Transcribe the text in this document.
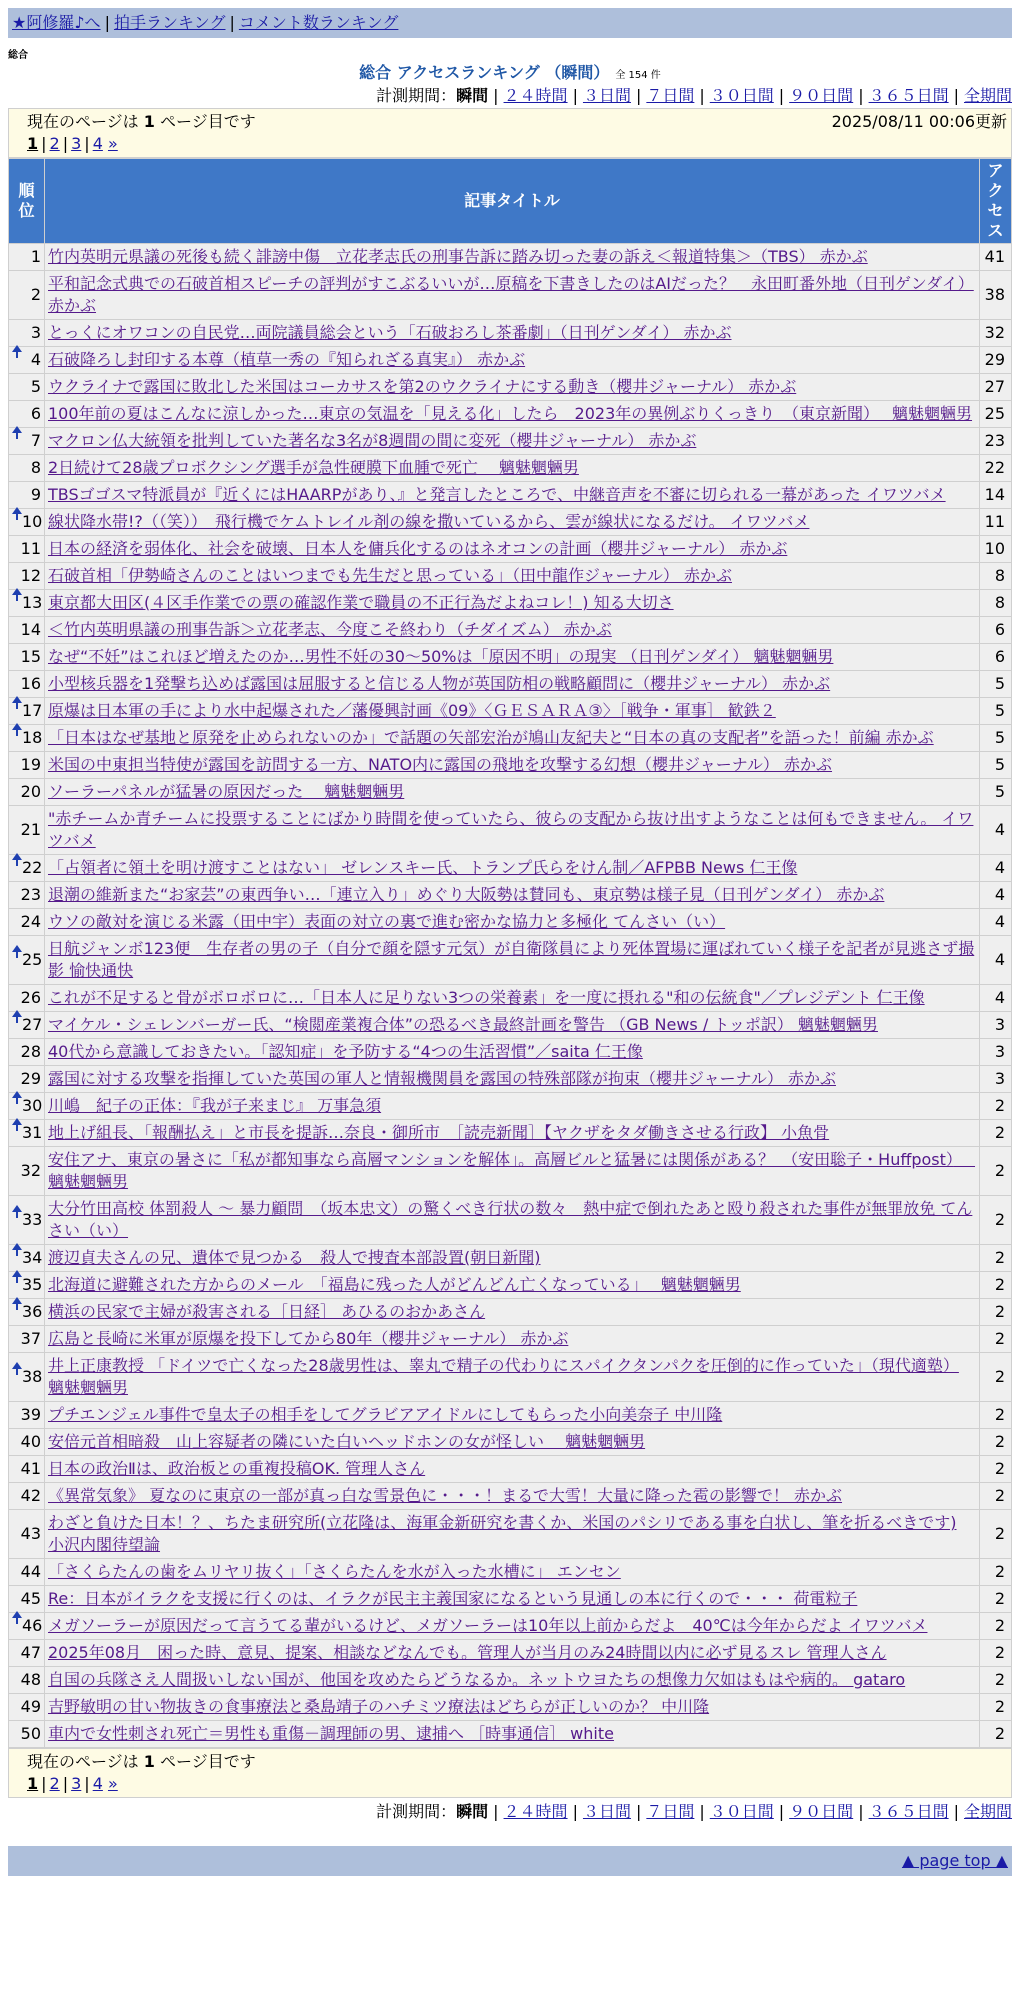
★阿修羅♪へ | 拍手ランキング | コメント数ランキング
総合
総合 アクセスランキング （瞬間） 全 154 件
計測期間：瞬間 | ２４時間 | ３日間 | ７日間 | ３０日間 | ９０日間 | ３６５日間 | 全期間
現在のページは 1 ページ目です	2025/08/11 00:06更新
1 | 2 | 3 | 4 »
順位	記事タイトル	アクセス
1	竹内英明元県議の死後も続く誹謗中傷　立花孝志氏の刑事告訴に踏み切った妻の訴え＜報道特集＞（TBS） 赤かぶ	41
2	平和記念式典での石破首相スピーチの評判がすこぶるいいが…原稿を下書きしたのはAIだった？　永田町番外地（日刊ゲンダイ） 赤かぶ	38
3	とっくにオワコンの自民党…両院議員総会という「石破おろし茶番劇」（日刊ゲンダイ） 赤かぶ	32

4	石破降ろし封印する本尊（植草一秀の『知られざる真実』） 赤かぶ	29
5	ウクライナで露国に敗北した米国はコーカサスを第2のウクライナにする動き（櫻井ジャーナル） 赤かぶ	27
6	100年前の夏はこんなに涼しかった…東京の気温を「見える化」したら　2023年の異例ぶりくっきり　（東京新聞）　 魑魅魍魎男	25

7	マクロン仏大統領を批判していた著名な3名が8週間の間に変死（櫻井ジャーナル） 赤かぶ	23
8	2日続けて28歳プロボクシング選手が急性硬膜下血腫で死亡　 魑魅魍魎男	22
9	TBSゴゴスマ特派員が『近くにはHAARPがあり、』と発言したところで、中継音声を不審に切られる一幕があった イワツバメ	14

10	線状降水帯!?（（笑））　飛行機でケムトレイル剤の線を撒いているから、雲が線状になるだけ。 イワツバメ	11
11	日本の経済を弱体化、社会を破壊、日本人を傭兵化するのはネオコンの計画（櫻井ジャーナル） 赤かぶ	10
12	石破首相「伊勢崎さんのことはいつまでも先生だと思っている」（田中龍作ジャーナル） 赤かぶ	8

13	東京都大田区(４区手作業での票の確認作業で職員の不正行為だよねコレ！) 知る大切さ	8
14	＜竹内英明県議の刑事告訴＞立花孝志、今度こそ終わり（チダイズム） 赤かぶ	6
15	なぜ“不妊”はこれほど増えたのか…男性不妊の30～50%は「原因不明」の現実 （日刊ゲンダイ） 魑魅魍魎男	6
16	小型核兵器を1発撃ち込めば露国は屈服すると信じる人物が英国防相の戦略顧問に（櫻井ジャーナル） 赤かぶ	5

17	原爆は日本軍の手により水中起爆された／藩優興討画《09》〈ＧＥＳＡＲＡ③〉［戦争・軍事］ 歓鉄２	5

18	「日本はなぜ基地と原発を止められないのか」で話題の矢部宏治が鳩山友紀夫と“日本の真の支配者”を語った！前編 赤かぶ	5
19	米国の中東担当特使が露国を訪問する一方、NATO内に露国の飛地を攻撃する幻想（櫻井ジャーナル） 赤かぶ	5
20	ソーラーパネルが猛暑の原因だった　 魑魅魍魎男	5
21	"赤チームか青チームに投票することにばかり時間を使っていたら、彼らの支配から抜け出すようなことは何もできません。 イワツバメ	4

22	「占領者に領土を明け渡すことはない」 ゼレンスキー氏、トランプ氏らをけん制／AFPBB News 仁王像	4
23	退潮の維新また“お家芸”の東西争い…「連立入り」めぐり大阪勢は賛同も、東京勢は様子見（日刊ゲンダイ） 赤かぶ	4
24	ウソの敵対を演じる米露（田中宇）表面の対立の裏で進む密かな協力と多極化 てんさい（い）	4

25	日航ジャンボ123便　生存者の男の子（自分で顔を隠す元気）が自衛隊員により死体置場に運ばれていく様子を記者が見逃さず撮影 愉快通快	4
26	これが不足すると骨がボロボロに…「日本人に足りない3つの栄養素」を一度に摂れる"和の伝統食"／プレジデント 仁王像	4

27	マイケル・シェレンバーガー氏、“検閲産業複合体”の恐るべき最終計画を警告 （GB News / トッポ訳） 魑魅魍魎男	3
28	40代から意識しておきたい。「認知症」を予防する“4つの生活習慣”／saita 仁王像	3
29	露国に対する攻撃を指揮していた英国の軍人と情報機関員を露国の特殊部隊が拘束（櫻井ジャーナル） 赤かぶ	3

30	川嶋　紀子の正体：『我が子来まじ』 万事急須	2

31	地上げ組長、「報酬払え」と市長を提訴…奈良・御所市　［読売新聞］【ヤクザをタダ働きさせる行政】 小魚骨	2
32	安住アナ、東京の暑さに「私が都知事なら高層マンションを解体」。高層ビルと猛暑には関係がある？　（安田聡子・Huffpost）　 魑魅魍魎男	2

33	大分竹田高校 体罰殺人 ～ 暴力顧問　（坂本忠文）の驚くべき行状の数々　熱中症で倒れたあと殴り殺された事件が無罪放免 てんさい（い）	2

34	渡辺貞夫さんの兄、遺体で見つかる　殺人で捜査本部設置(朝日新聞)	2

35	北海道に避難された方からのメール　「福島に残った人がどんどん亡くなっている」　 魑魅魍魎男	2

36	横浜の民家で主婦が殺害される［日経］ あひるのおかあさん	2
37	広島と長崎に米軍が原爆を投下してから80年（櫻井ジャーナル） 赤かぶ	2

38	井上正康教授 「ドイツで亡くなった28歳男性は、睾丸で精子の代わりにスパイクタンパクを圧倒的に作っていた」（現代適塾） 魑魅魍魎男	2
39	プチエンジェル事件で皇太子の相手をしてグラビアアイドルにしてもらった小向美奈子 中川隆	2
40	安倍元首相暗殺　山上容疑者の隣にいた白いヘッドホンの女が怪しい　 魑魅魍魎男	2
41	日本の政治Ⅱは、政治板との重複投稿OK. 管理人さん	2
42	《異常気象》 夏なのに東京の一部が真っ白な雪景色に・・・！まるで大雪！大量に降った雹の影響で！ 赤かぶ	2
43	わざと負けた日本！？、ちたま研究所(立花隆は、海軍金新研究を書くか、米国のパシリである事を白状し、筆を折るべきです) 小沢内閣待望論	2
44	「さくらたんの歯をムリヤリ抜く」「さくらたんを水が入った水槽に」 エンセン	2
45	Re：日本がイラクを支援に行くのは、イラクが民主主義国家になるという見通しの本に行くので・・・ 荷電粒子	2

46	メガソーラーが原因だって言うてる輩がいるけど、メガソーラーは10年以上前からだよ　40℃は今年からだよ イワツバメ	2
47	2025年08月　困った時、意見、提案、相談などなんでも。管理人が当月のみ24時間以内に必ず見るスレ 管理人さん	2
48	自国の兵隊さえ人間扱いしない国が、他国を攻めたらどうなるか。ネットウヨたちの想像力欠如はもはや病的。 gataro	2
49	吉野敏明の甘い物抜きの食事療法と桑島靖子のハチミツ療法はどちらが正しいのか？ 中川隆	2
50	車内で女性刺され死亡＝男性も重傷－調理師の男、逮捕へ ［時事通信］ white	2
現在のページは 1 ページ目です
1 | 2 | 3 | 4 »
計測期間：瞬間 | ２４時間 | ３日間 | ７日間 | ３０日間 | ９０日間 | ３６５日間 | 全期間
▲ page top ▲
